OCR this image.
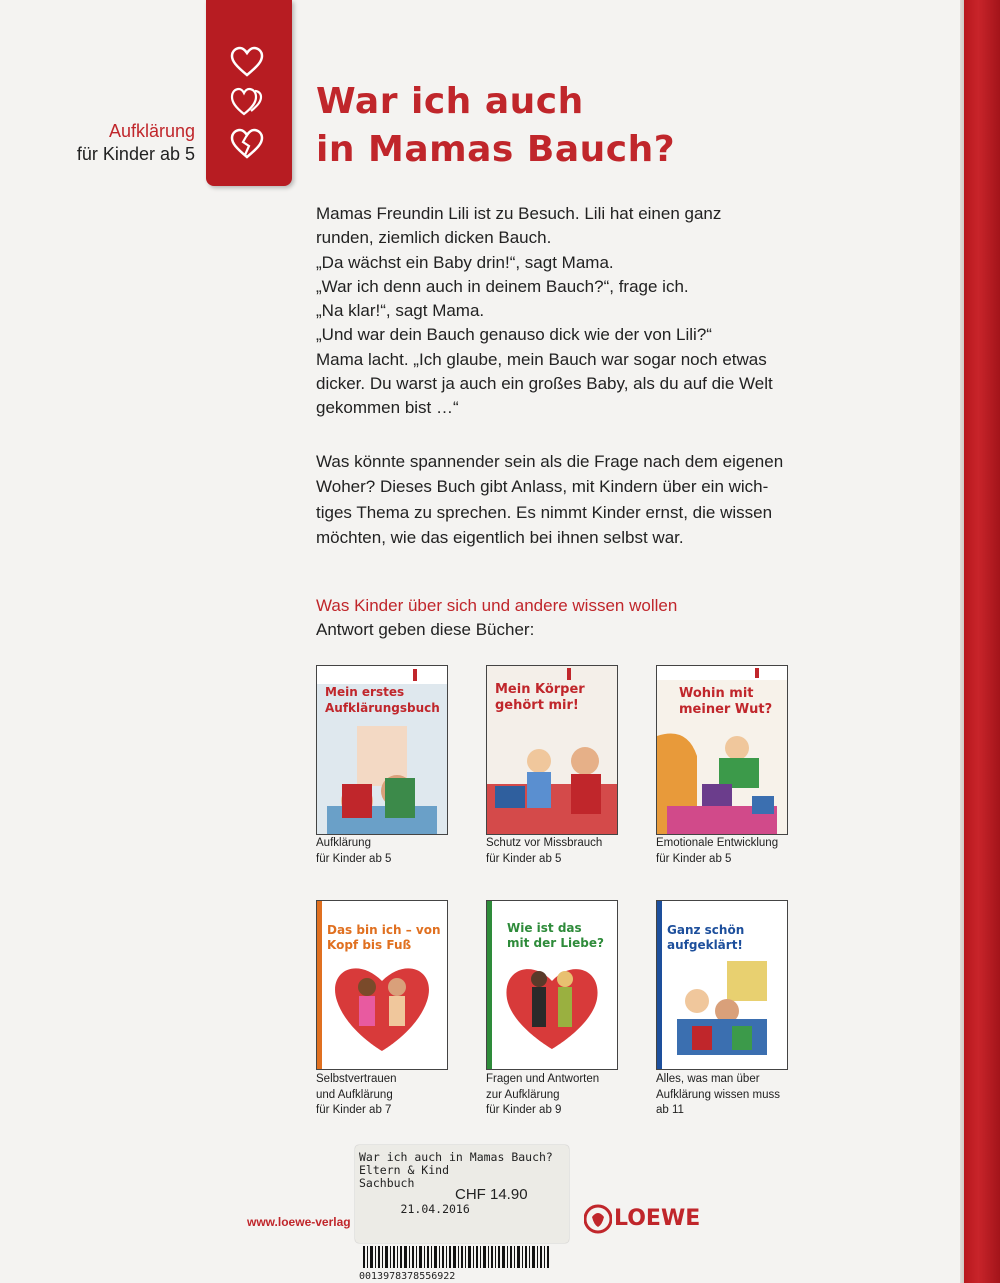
Aufklärung
für Kinder ab 5
War ich auch
in Mamas Bauch?

Mamas Freundin Lili ist zu Besuch. Lili hat einen ganz

runden, ziemlich dicken Bauch.

„Da wächst ein Baby drin!“, sagt Mama.

„War ich denn auch in deinem Bauch?“, frage ich.

„Na klar!“, sagt Mama.

„Und war dein Bauch genauso dick wie der von Lili?“

Mama lacht. „Ich glaube, mein Bauch war sogar noch etwas

dicker. Du warst ja auch ein großes Baby, als du auf die Welt

gekommen bist …“

Was könnte spannender sein als die Frage nach dem eigenen

Woher? Dieses Buch gibt Anlass, mit Kindern über ein wich-

tiges Thema zu sprechen. Es nimmt Kinder ernst, die wissen

möchten, wie das eigentlich bei ihnen selbst war.

Was Kinder über sich und andere wissen wollen
Antwort geben diese Bücher:
Mein erstes Aufklärungsbuch
Aufklärung
für Kinder ab 5
Mein Körper gehört mir!
Schutz vor Missbrauch
für Kinder ab 5
Wohin mit meiner Wut?
Emotionale Entwicklung
für Kinder ab 5
Das bin ich – von Kopf bis Fuß
Selbstvertrauen
und Aufklärung
für Kinder ab 7
Wie ist das mit der Liebe?
Fragen und Antworten
zur Aufklärung
für Kinder ab 9
Ganz schön aufgeklärt!
Alles, was man über
Aufklärung wissen muss
ab 11
www.loewe-verlag
War ich auch in Mamas Bauch?
Eltern & Kind
Sachbuch

21.04.2016

CHF 14.90

0013978378556922
LOEWE
